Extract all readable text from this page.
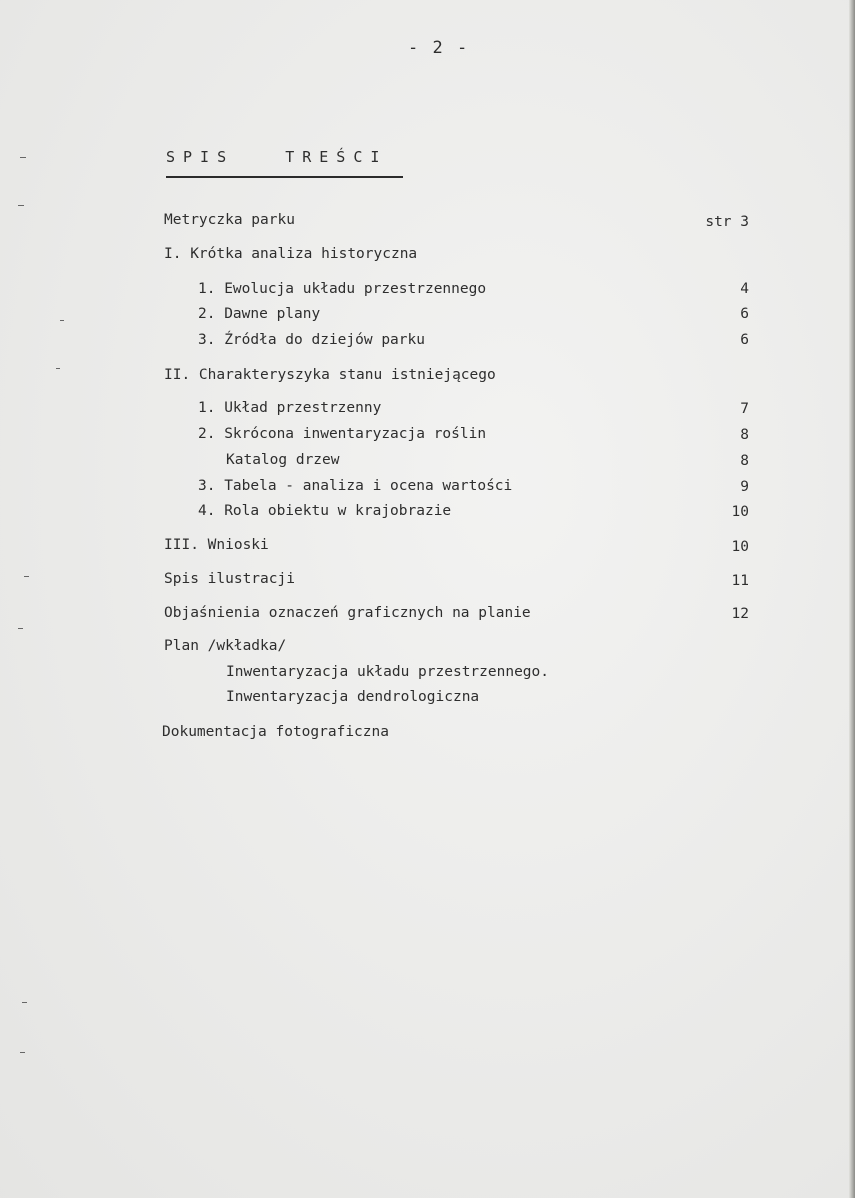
- 2 -
SPIS   TREŚCI
Metryczka parku	str 3
I. Krótka analiza historyczna
1. Ewolucja układu przestrzennego	4
2. Dawne plany	6
3. Źródła do dziejów parku	6
II. Charakteryszyka stanu istniejącego
1. Układ przestrzenny	7
2. Skrócona inwentaryzacja roślin	8
Katalog drzew	8
3. Tabela - analiza i ocena wartości	9
4. Rola obiektu w krajobrazie	10
III. Wnioski	10
Spis ilustracji	11
Objaśnienia oznaczeń graficznych na planie	12
Plan /wkładka/
Inwentaryzacja układu przestrzennego.
Inwentaryzacja dendrologiczna
Dokumentacja fotograficzna
